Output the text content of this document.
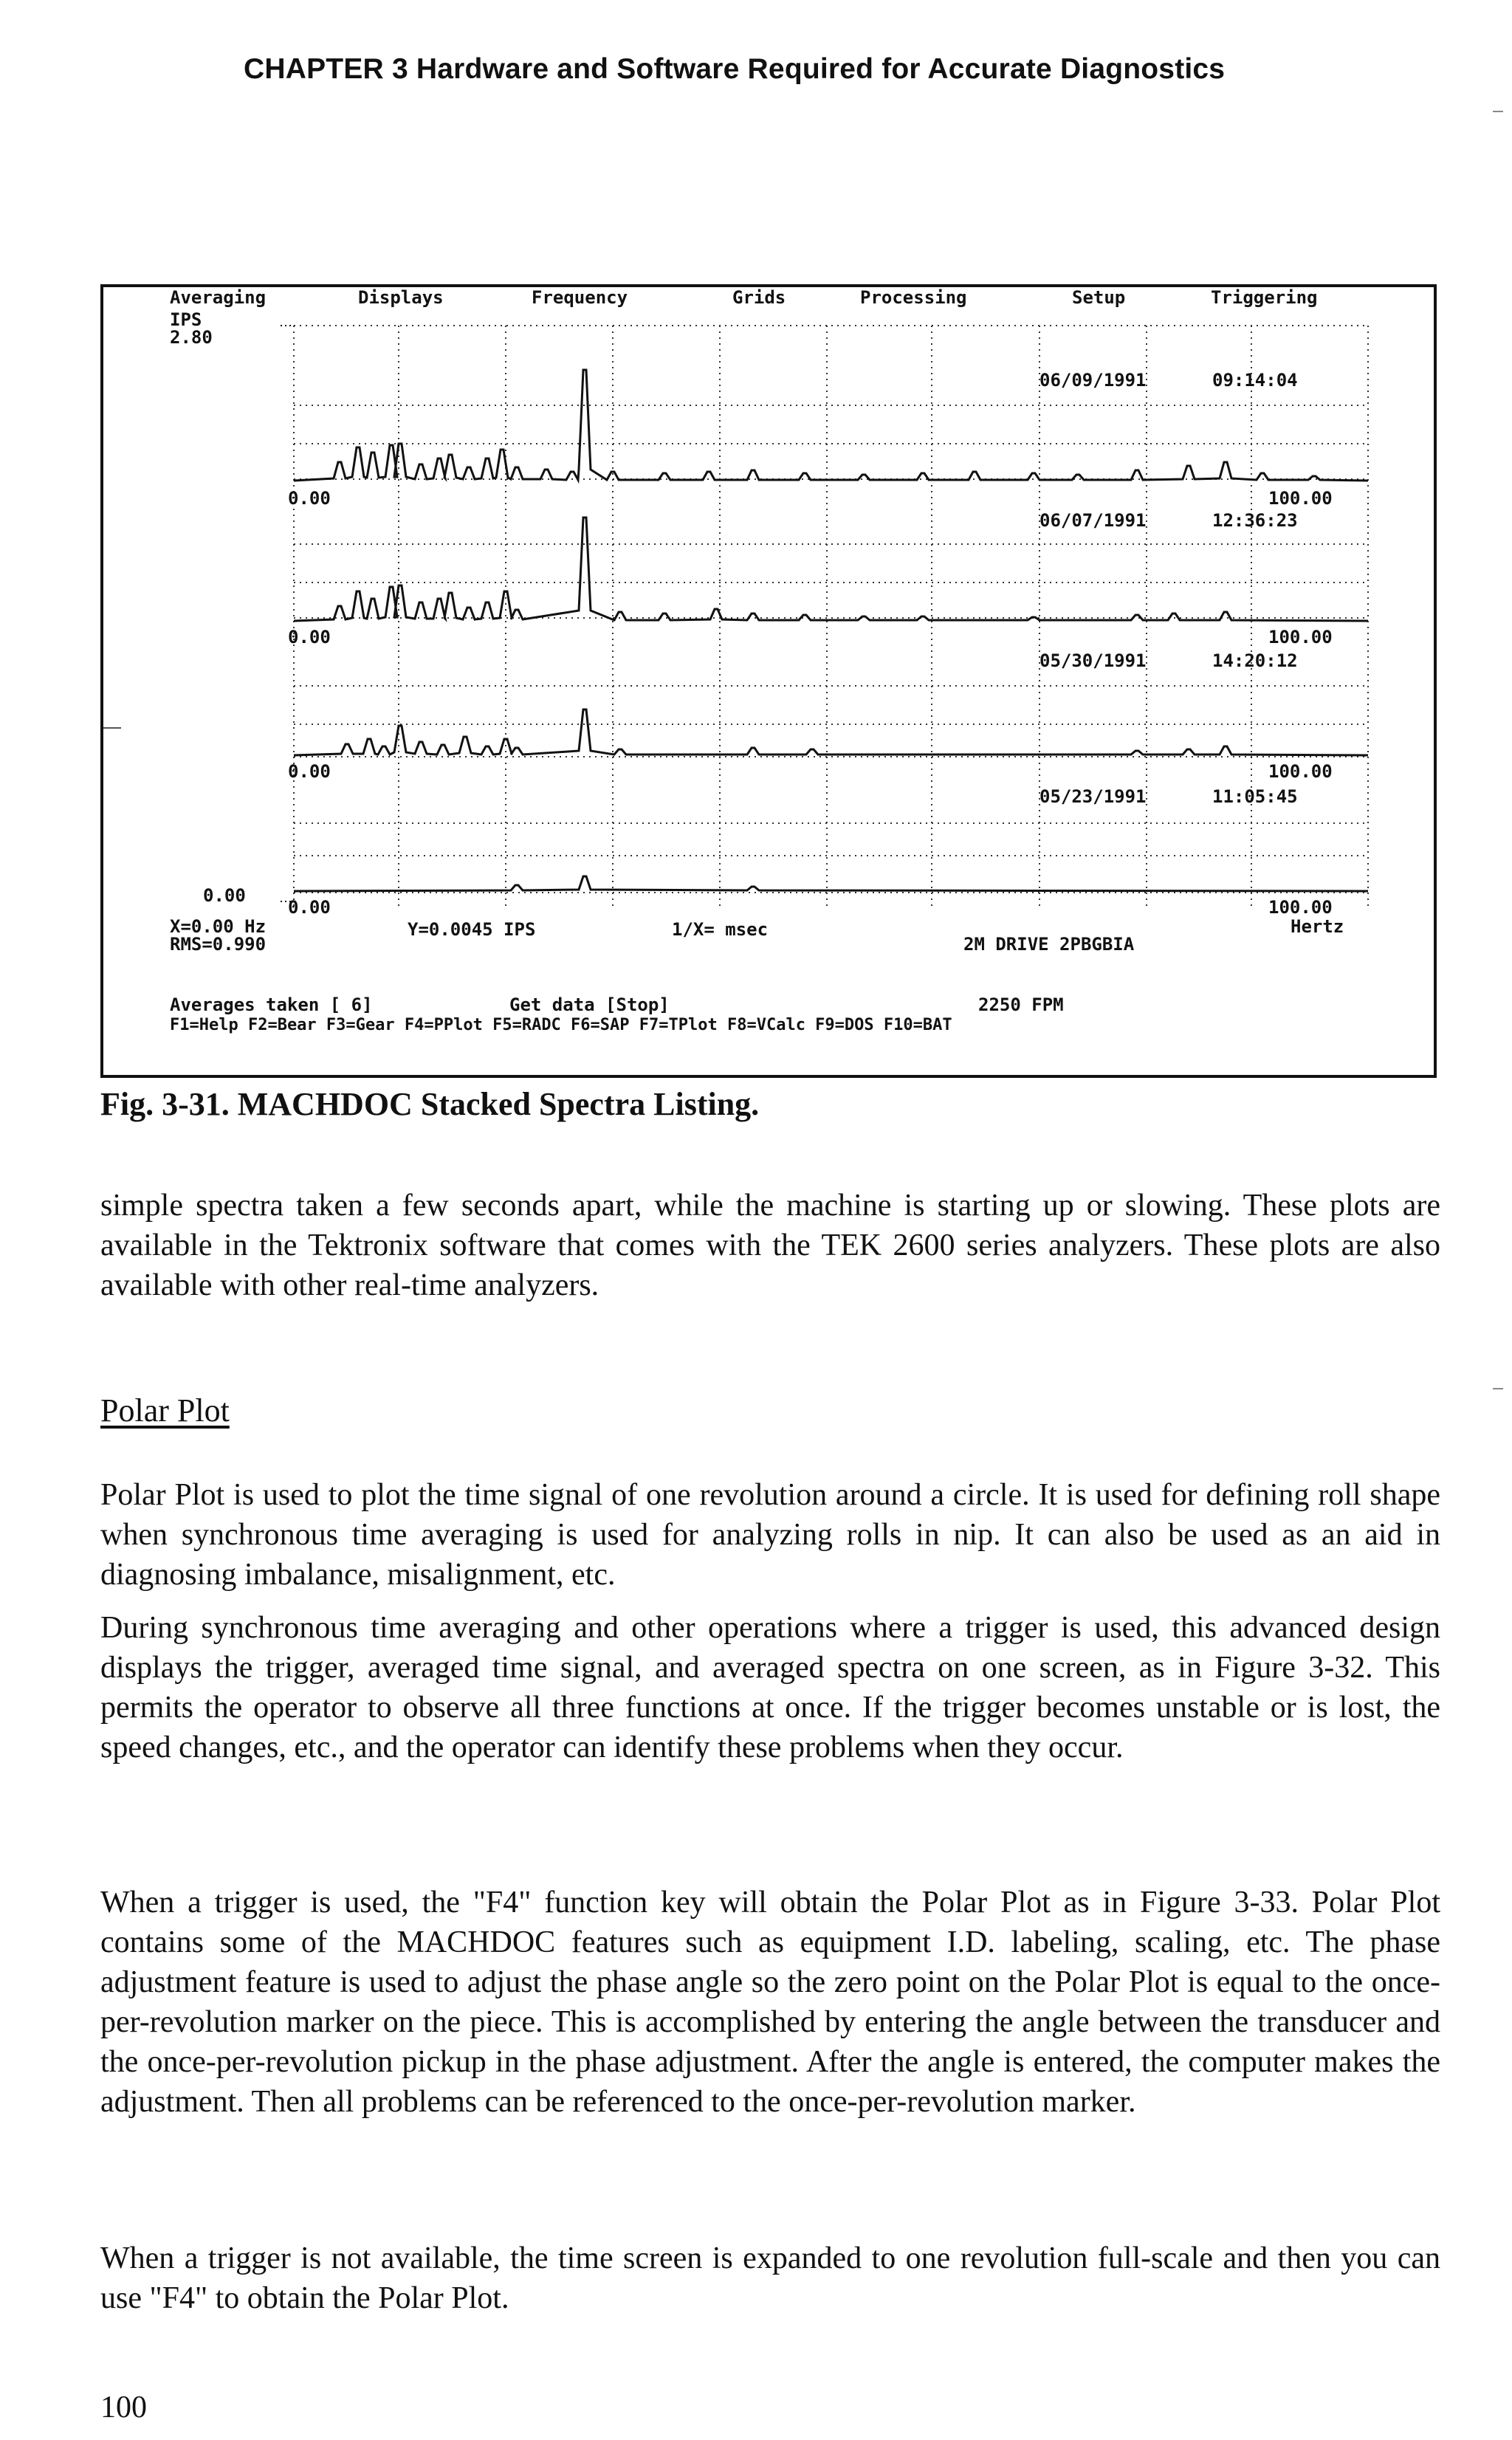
CHAPTER 3 Hardware and Software Required for Accurate Diagnostics
Averaging	Displays	Frequency	Grids	Processing	Setup	Triggering
IPS
2.80
0.00
06/09/1991	09:14:04
0.00	100.00
06/07/1991	12:36:23
0.00	100.00
05/30/1991	14:20:12
0.00	100.00
05/23/1991	11:05:45
0.00	100.00
X=0.00 Hz
RMS=0.990
Y=0.0045 IPS	1/X= msec	Hertz
2M DRIVE 2PBGBIA
Averages taken [ 6]	Get data [Stop]	2250 FPM
F1=Help F2=Bear F3=Gear F4=PPlot F5=RADC F6=SAP F7=TPlot F8=VCalc F9=DOS F10=BAT
Fig. 3-31. MACHDOC Stacked Spectra Listing.
simple spectra taken a few seconds apart, while the machine is starting up or slowing. These plots are available in the Tektronix software that comes with the TEK 2600 series analyzers. These plots are also available with other real-time analyzers.
Polar Plot
Polar Plot is used to plot the time signal of one revolution around a circle. It is used for defining roll shape when synchronous time averaging is used for analyzing rolls in nip. It can also be used as an aid in diagnosing imbalance, misalignment, etc.
During synchronous time averaging and other operations where a trigger is used, this advanced design displays the trigger, averaged time signal, and averaged spectra on one screen, as in Figure 3-32. This permits the operator to observe all three functions at once. If the trigger becomes unstable or is lost, the speed changes, etc., and the operator can identify these problems when they occur.
When a trigger is used, the "F4" function key will obtain the Polar Plot as in Figure 3-33. Polar Plot contains some of the MACHDOC features such as equipment I.D. labeling, scaling, etc. The phase adjustment feature is used to adjust the phase angle so the zero point on the Polar Plot is equal to the once-per-revolution marker on the piece. This is accomplished by entering the angle between the transducer and the once-per-revolution pickup in the phase adjustment. After the angle is entered, the computer makes the adjustment. Then all problems can be referenced to the once-per-revolution marker.
When a trigger is not available, the time screen is expanded to one revolution full-scale and then you can use "F4" to obtain the Polar Plot.
100
